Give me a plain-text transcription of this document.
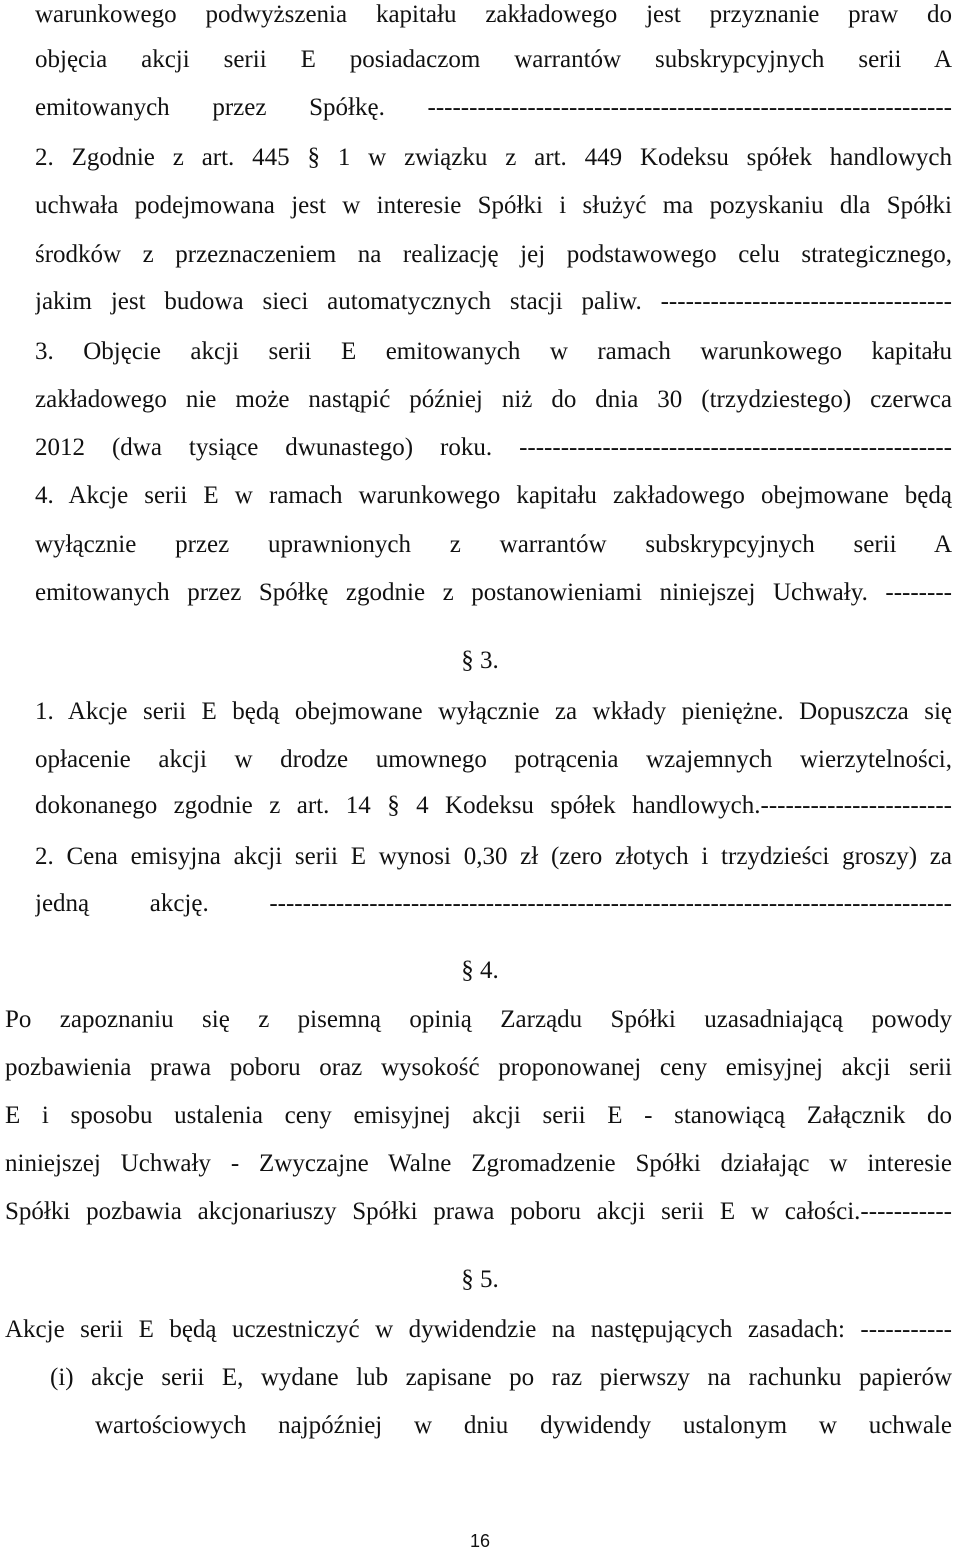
warunkowego podwyższenia kapitału zakładowego jest przyznanie praw do
objęcia akcji serii E posiadaczom warrantów subskrypcyjnych serii A
emitowanych przez Spółkę. ---------------------------------------------------------------
2. Zgodnie z art. 445 § 1 w związku z art. 449 Kodeksu spółek handlowych
uchwała podejmowana jest w interesie Spółki i służyć ma pozyskaniu dla Spółki
środków z przeznaczeniem na realizację jej podstawowego celu strategicznego,
jakim jest budowa sieci automatycznych stacji paliw. -----------------------------------
3. Objęcie akcji serii E emitowanych w ramach warunkowego kapitału
zakładowego nie może nastąpić później niż do dnia 30 (trzydziestego) czerwca
2012 (dwa tysiące dwunastego) roku. ----------------------------------------------------
4. Akcje serii E w ramach warunkowego kapitału zakładowego obejmowane będą
wyłącznie przez uprawnionych z warrantów subskrypcyjnych serii A
emitowanych przez Spółkę zgodnie z postanowieniami niniejszej Uchwały. --------
§ 3.
1. Akcje serii E będą obejmowane wyłącznie za wkłady pieniężne. Dopuszcza się
opłacenie akcji w drodze umownego potrącenia wzajemnych wierzytelności,
dokonanego zgodnie z art. 14 § 4 Kodeksu spółek handlowych.-----------------------
2. Cena emisyjna akcji serii E wynosi 0,30 zł (zero złotych i trzydzieści groszy) za
jedną akcję. ----------------------------------------------------------------------------------
§ 4.
Po zapoznaniu się z pisemną opinią Zarządu Spółki uzasadniającą powody
pozbawienia prawa poboru oraz wysokość proponowanej ceny emisyjnej akcji serii
E i sposobu ustalenia ceny emisyjnej akcji serii E - stanowiącą Załącznik do
niniejszej Uchwały - Zwyczajne Walne Zgromadzenie Spółki działając w interesie
Spółki pozbawia akcjonariuszy Spółki prawa poboru akcji serii E w całości.-----------
§ 5.
Akcje serii E będą uczestniczyć w dywidendzie na następujących zasadach: -----------
(i) akcje serii E, wydane lub zapisane po raz pierwszy na rachunku papierów
wartościowych najpóźniej w dniu dywidendy ustalonym w uchwale
16
